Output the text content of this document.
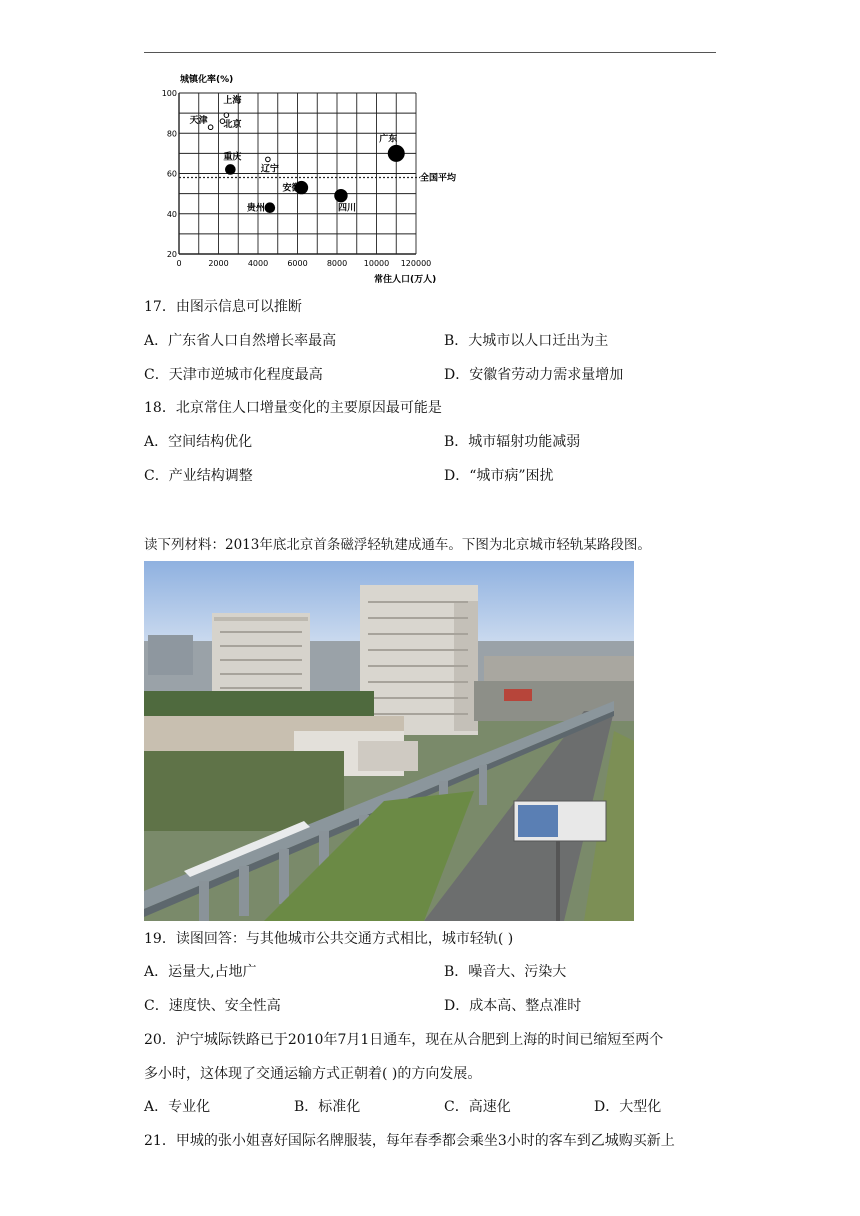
20
40
60
80
100
0	2000 4000 6000 8000 10000 120000
天津
上海
北京
重庆
辽宁
安徽
贵州	四川
广东
城镇化率(%)
常住人口(万人)
全国平均
17．由图示信息可以推断
A．广东省人口自然增长率最高	B．大城市以人口迁出为主
C．天津市逆城市化程度最高	D．安徽省劳动力需求量增加
18．北京常住人口增量变化的主要原因最可能是
A．空间结构优化	B．城市辐射功能减弱
C．产业结构调整	D．“城市病”困扰
读下列材料：2013年底北京首条磁浮轻轨建成通车。下图为北京城市轻轨某路段图。
19．读图回答：与其他城市公共交通方式相比，城市轻轨( )
A．运量大,占地广	B．噪音大、污染大
C．速度快、安全性高	D．成本高、整点准时
20．沪宁城际铁路已于2010年7月1日通车，现在从合肥到上海的时间已缩短至两个
多小时，这体现了交通运输方式正朝着( )的方向发展。
A．专业化	B．标准化	C．高速化	D．大型化
21．甲城的张小姐喜好国际名牌服装，每年春季都会乘坐3小时的客车到乙城购买新上
